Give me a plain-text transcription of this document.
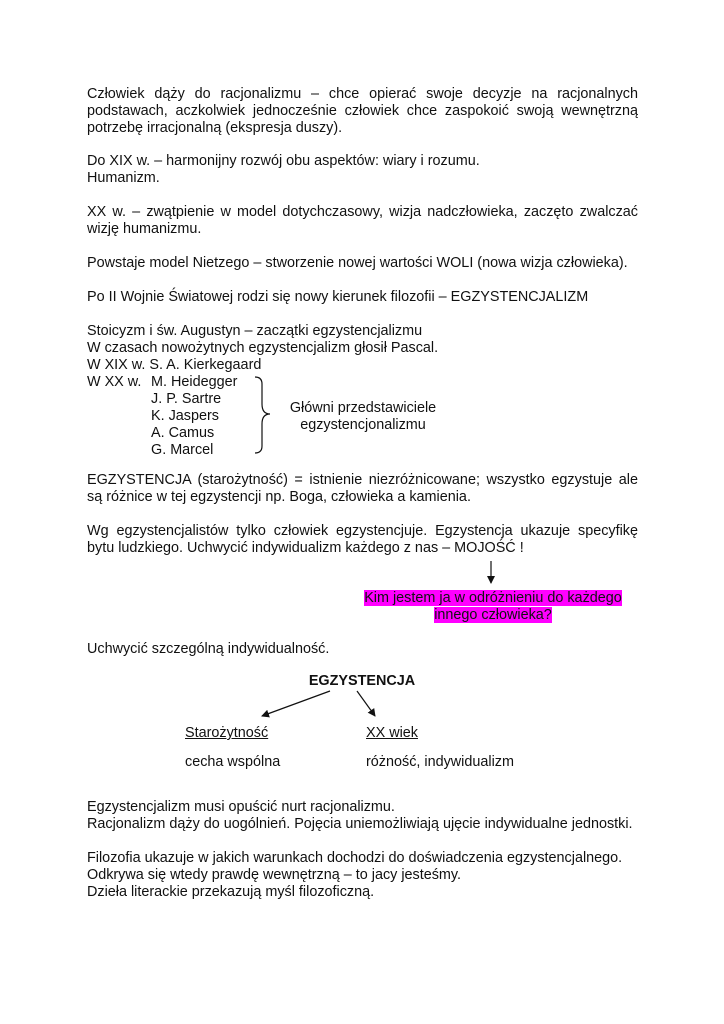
Człowiek dąży do racjonalizmu – chce opierać swoje decyzje na racjonalnych podstawach, aczkolwiek jednocześnie człowiek chce zaspokoić swoją wewnętrzną potrzebę irracjonalną (ekspresja duszy).

Do XIX w. – harmonijny rozwój obu aspektów: wiary i rozumu.

Humanizm.

XX w. – zwątpienie w model dotychczasowy, wizja nadczłowieka, zaczęto zwalczać wizję humanizmu.

Powstaje model Nietzego – stworzenie nowej wartości WOLI (nowa wizja człowieka).

Po II Wojnie Światowej rodzi się nowy kierunek filozofii – EGZYSTENCJALIZM

Stoicyzm i św. Augustyn – zaczątki egzystencjalizmu

W czasach nowożytnych egzystencjalizm głosił Pascal.

W XIX w. S. A. Kierkegaard

W XX w. M. Heidegger

J. P. Sartre

K. Jaspers

A. Camus

G. Marcel

Główni przedstawiciele
egzystencjonalizmu

EGZYSTENCJA (starożytność) = istnienie niezróżnicowane; wszystko egzystuje ale są różnice w tej egzystencji np. Boga, człowieka a kamienia.

Wg egzystencjalistów tylko człowiek egzystencjuje. Egzystencja ukazuje specyfikę bytu ludzkiego. Uchwycić indywidualizm każdego z nas – MOJOŚĆ !

Kim jestem ja w odróżnieniu do każdego
innego człowieka?

Uchwycić szczególną indywidualność.

EGZYSTENCJA
Starożytność	XX wiek
cecha wspólna	różność, indywidualizm

Egzystencjalizm musi opuścić nurt racjonalizmu.

Racjonalizm dąży do uogólnień. Pojęcia uniemożliwiają ujęcie indywidualne jednostki.

Filozofia ukazuje w jakich warunkach dochodzi do doświadczenia egzystencjalnego.

Odkrywa się wtedy prawdę wewnętrzną – to jacy jesteśmy.

Dzieła literackie przekazują myśl filozoficzną.
